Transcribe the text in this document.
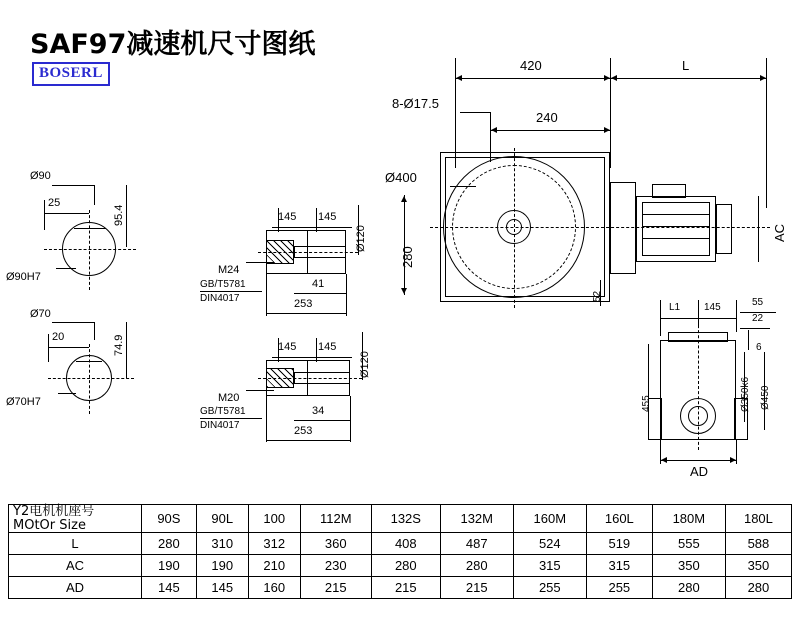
SAF97减速机尺寸图纸
BOSERL
25
Ø90
95.4
Ø90H7
20
Ø70
74.9
Ø70H7
145 145
Ø120
M24
GB/T5781
DIN4017
41
253
145 145
Ø120
M20
GB/T5781
DIN4017
34
253
420	L
8-Ø17.5
240
Ø400
280
AC
52
L1 145	55
22
6
455	Ø350k6 Ø450
AD
Y2电机机座号
MOtOr Size	90S	90L	100	112M	132S	132M	160M	160L	180M	180L
L	280	310	312	360	408	487	524	519	555	588
AC	190	190	210	230	280	280	315	315	350	350
AD	145	145	160	215	215	215	255	255	280	280
